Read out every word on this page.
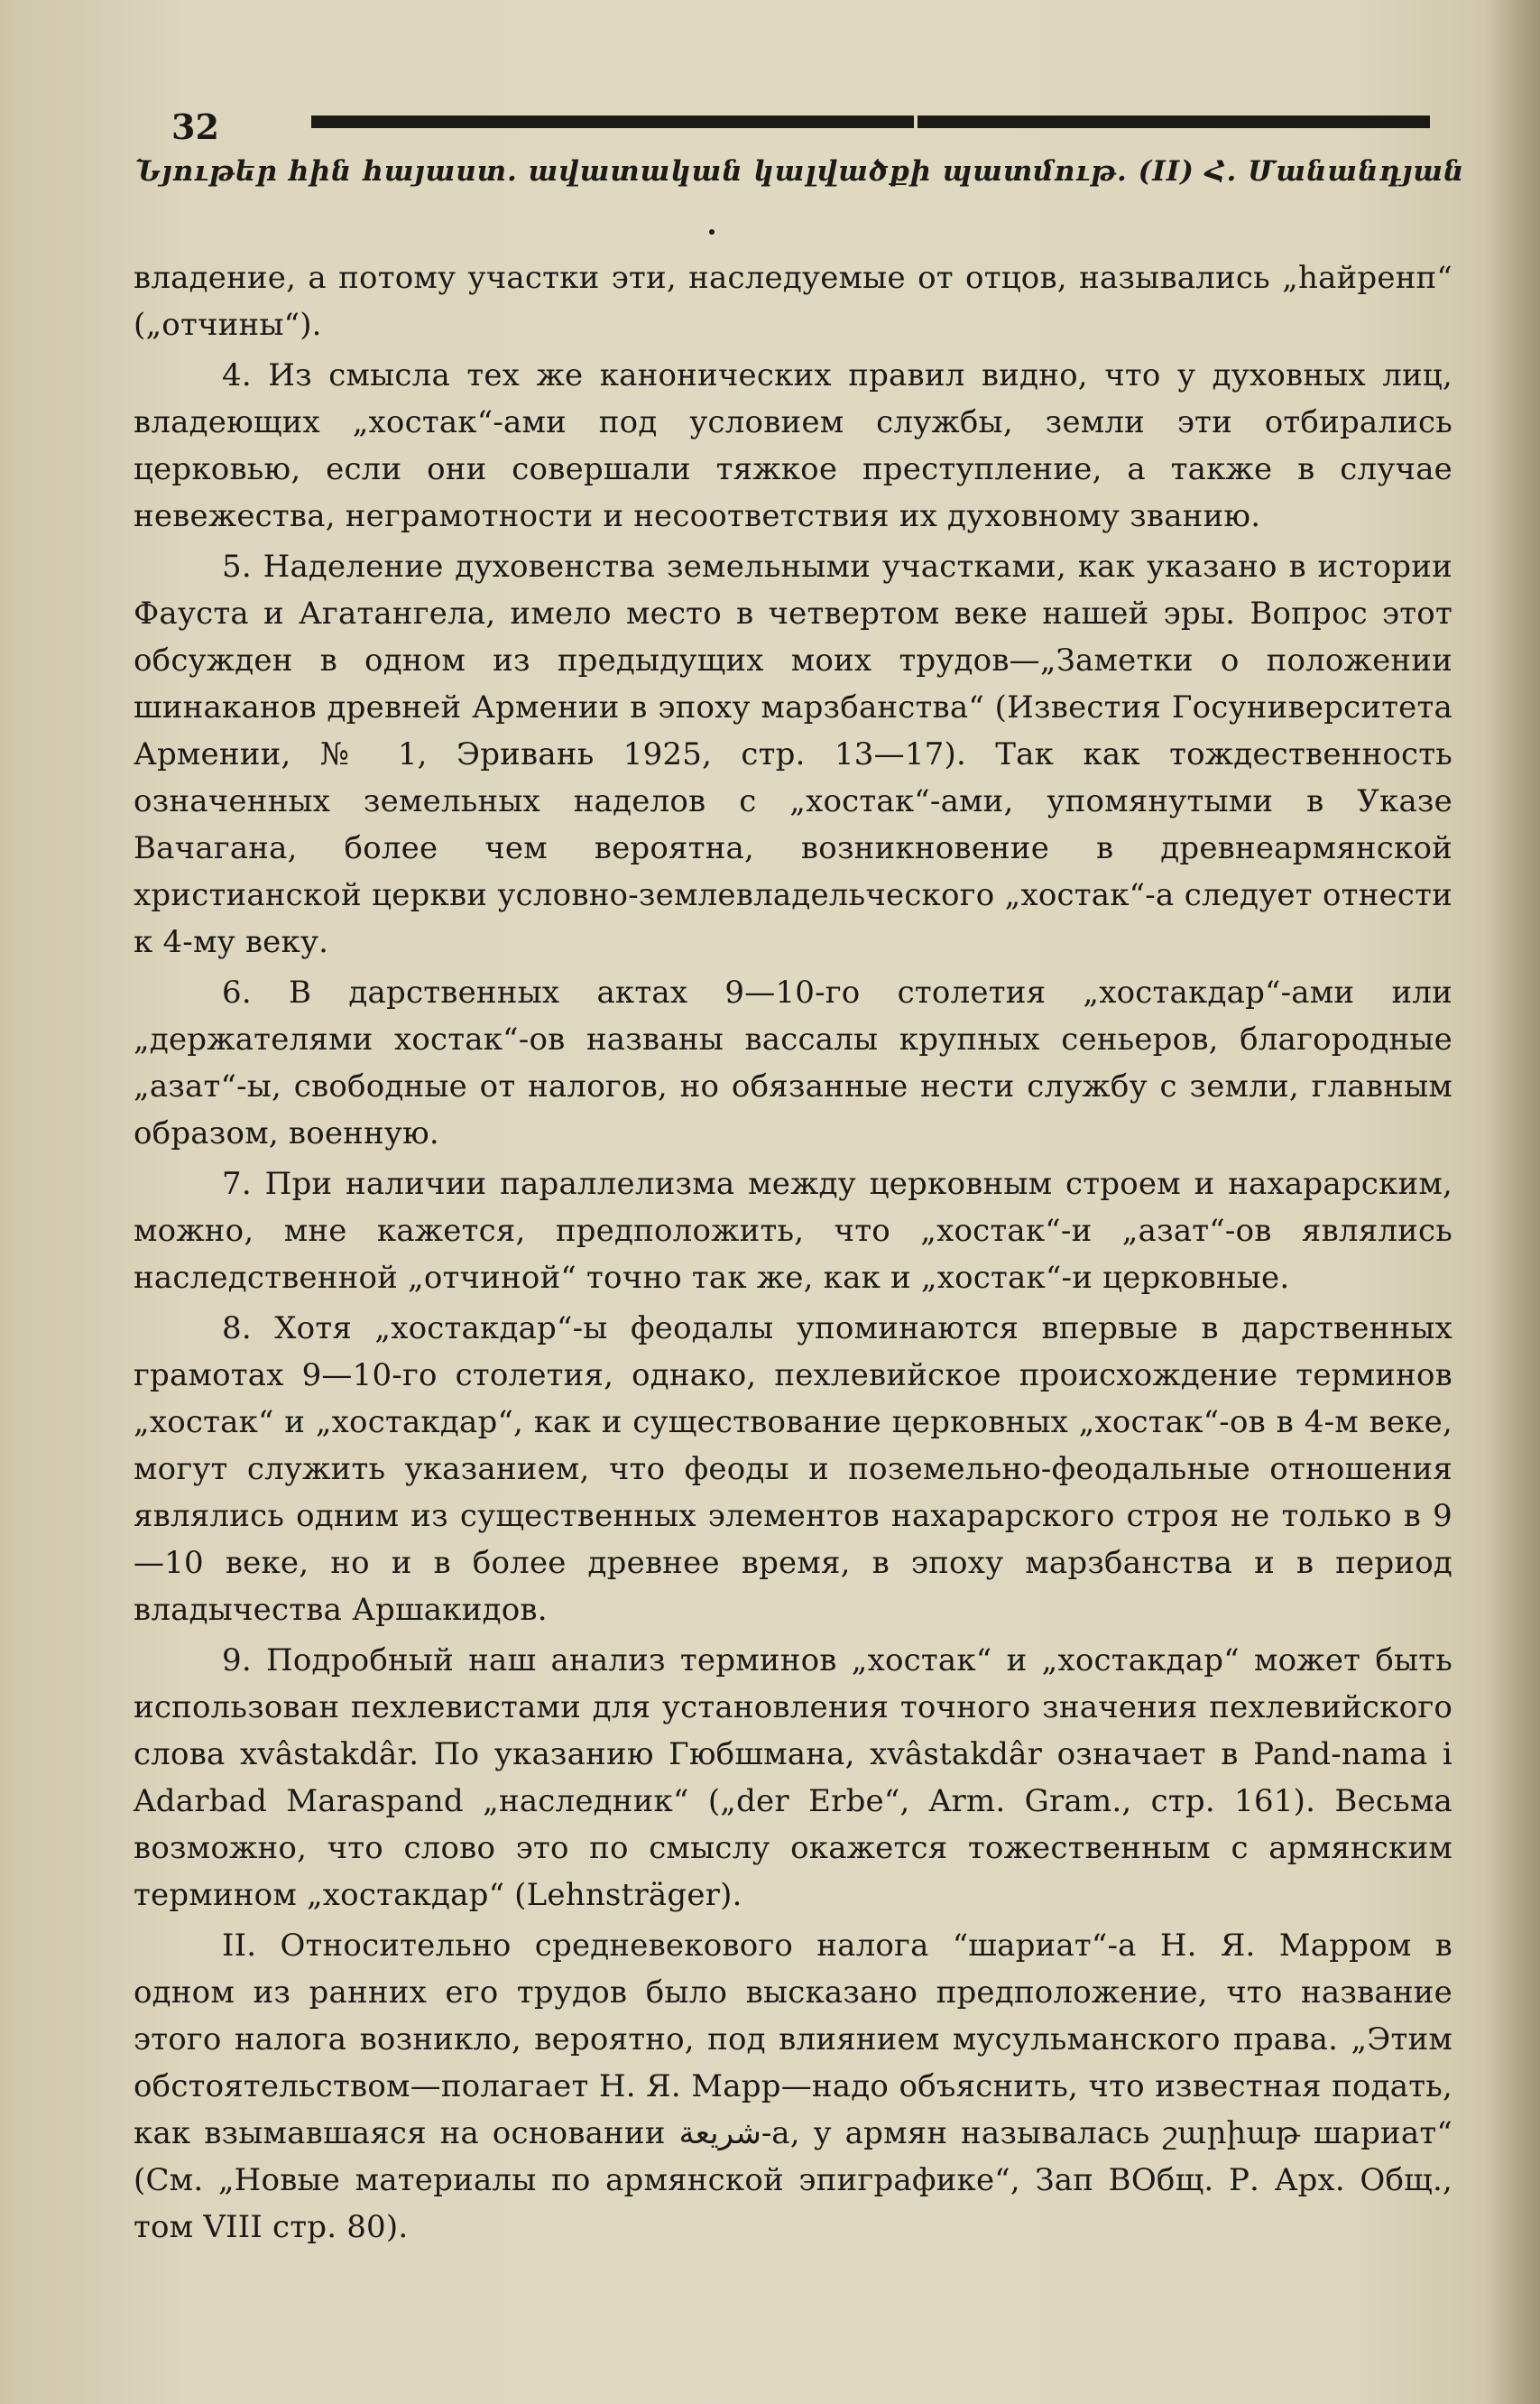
32
Նյութեր հին հայաստ. ավատական կալվածքի պատմութ. (II) Հ. Մանանդյան

владение, а потому участки эти, наследуемые от отцов, назывались „hайренп“ („отчины“).

4. Из смысла тех же канонических правил видно, что у духовных лиц, владеющих „хостак“-ами под условием службы, земли эти отбирались церковью, если они совершали тяжкое преступление, а также в случае невежества, неграмотности и несоответствия их духовному званию.

5. Наделение духовенства земельными участками, как указано в истории Фауста и Агатангела, имело место в четвертом веке нашей эры. Вопрос этот обсужден в одном из предыдущих моих трудов—„Заметки о положении шинаканов древней Армении в эпоху марзбанства“ (Известия Госуниверситета Армении, № 1, Эривань 1925, стр. 13—17). Так как тождественность означенных земельных наделов с „хостак“-ами, упомянутыми в Указе Вачагана, более чем вероятна, возникновение в древнеармянской христианской церкви условно-землевладельческого „хостак“-а следует отнести к 4-му веку.

6. В дарственных актах 9—10-го столетия „хостакдар“-ами или „держателями хостак“-ов названы вассалы крупных сеньеров, благородные „азат“-ы, свободные от налогов, но обязанные нести службу с земли, главным образом, военную.

7. При наличии параллелизма между церковным строем и нахарарским, можно, мне кажется, предположить, что „хостак“-и „азат“-ов являлись наследственной „отчиной“ точно так же, как и „хостак“-и церковные.

8. Хотя „хостакдар“-ы феодалы упоминаются впервые в дарственных грамотах 9—10-го столетия, однако, пехлевийское происхождение терминов „хостак“ и „хостакдар“, как и существование церковных „хостак“-ов в 4-м веке, могут служить указанием, что феоды и поземельно-феодальные отношения являлись одним из существенных элементов нахарарского строя не только в 9—10 веке, но и в более древнее время, в эпоху марзбанства и в период владычества Аршакидов.

9. Подробный наш анализ терминов „хостак“ и „хостакдар“ может быть использован пехлевистами для установления точного значения пехлевийского слова xvâstakdâr. По указанию Гюбшмана, xvâstakdâr означает в Pand-nama i Adarbad Maraspand „наследник“ („der Erbe“, Arm. Gram., стр. 161). Весьма возможно, что слово это по смыслу окажется тожественным с армянским термином „хостакдар“ (Lehnsträger).

II. Относительно средневекового налога “шариат“-а Н. Я. Марром в одном из ранних его трудов было высказано предположение, что название этого налога возникло, вероятно, под влиянием мусульманского права. „Этим обстоятельством—полагает Н. Я. Марр—надо объяснить, что известная подать, как взымавшаяся на основании شریعة-а, у армян называлась շարիաթ шариат“ (См. „Новые материалы по армянской эпиграфике“, Зап ВОбщ. Р. Арх. Общ., том VIII стр. 80).
